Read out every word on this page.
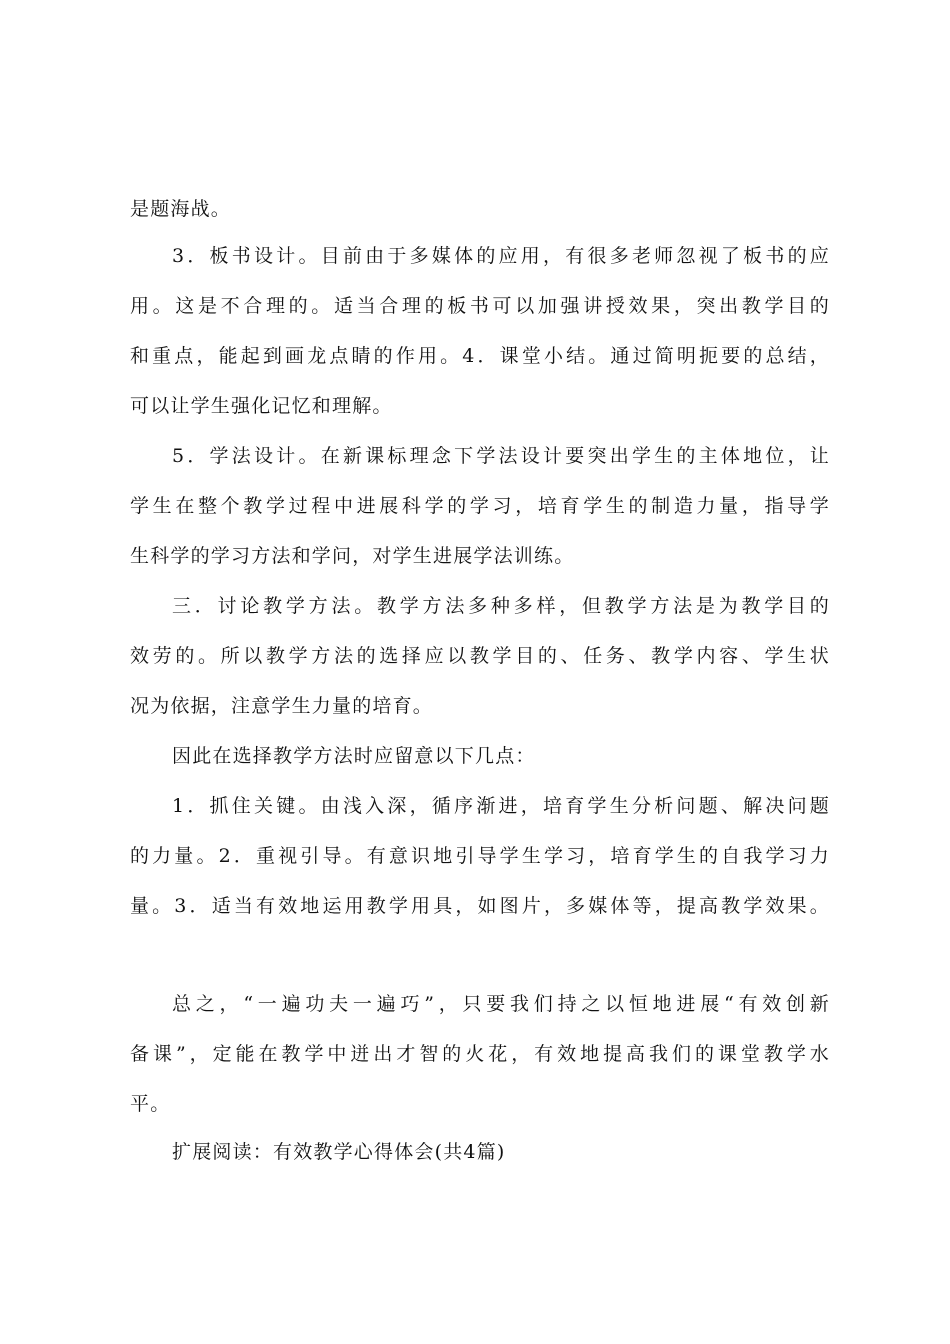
是题海战。
3．板书设计。目前由于多媒体的应用，有很多老师忽视了板书的应
用。这是不合理的。适当合理的板书可以加强讲授效果，突出教学目的
和重点，能起到画龙点睛的作用。4．课堂小结。通过简明扼要的总结，
可以让学生强化记忆和理解。
5．学法设计。在新课标理念下学法设计要突出学生的主体地位，让
学生在整个教学过程中进展科学的学习，培育学生的制造力量，指导学
生科学的学习方法和学问，对学生进展学法训练。
三．讨论教学方法。教学方法多种多样，但教学方法是为教学目的
效劳的。所以教学方法的选择应以教学目的、任务、教学内容、学生状
况为依据，注意学生力量的培育。
因此在选择教学方法时应留意以下几点：
1．抓住关键。由浅入深，循序渐进，培育学生分析问题、解决问题
的力量。2．重视引导。有意识地引导学生学习，培育学生的自我学习力
量。3．适当有效地运用教学用具，如图片，多媒体等，提高教学效果。
总之，“一遍功夫一遍巧”，只要我们持之以恒地进展“有效创新
备课”，定能在教学中迸出才智的火花，有效地提高我们的课堂教学水
平。
扩展阅读：有效教学心得体会(共4篇)
